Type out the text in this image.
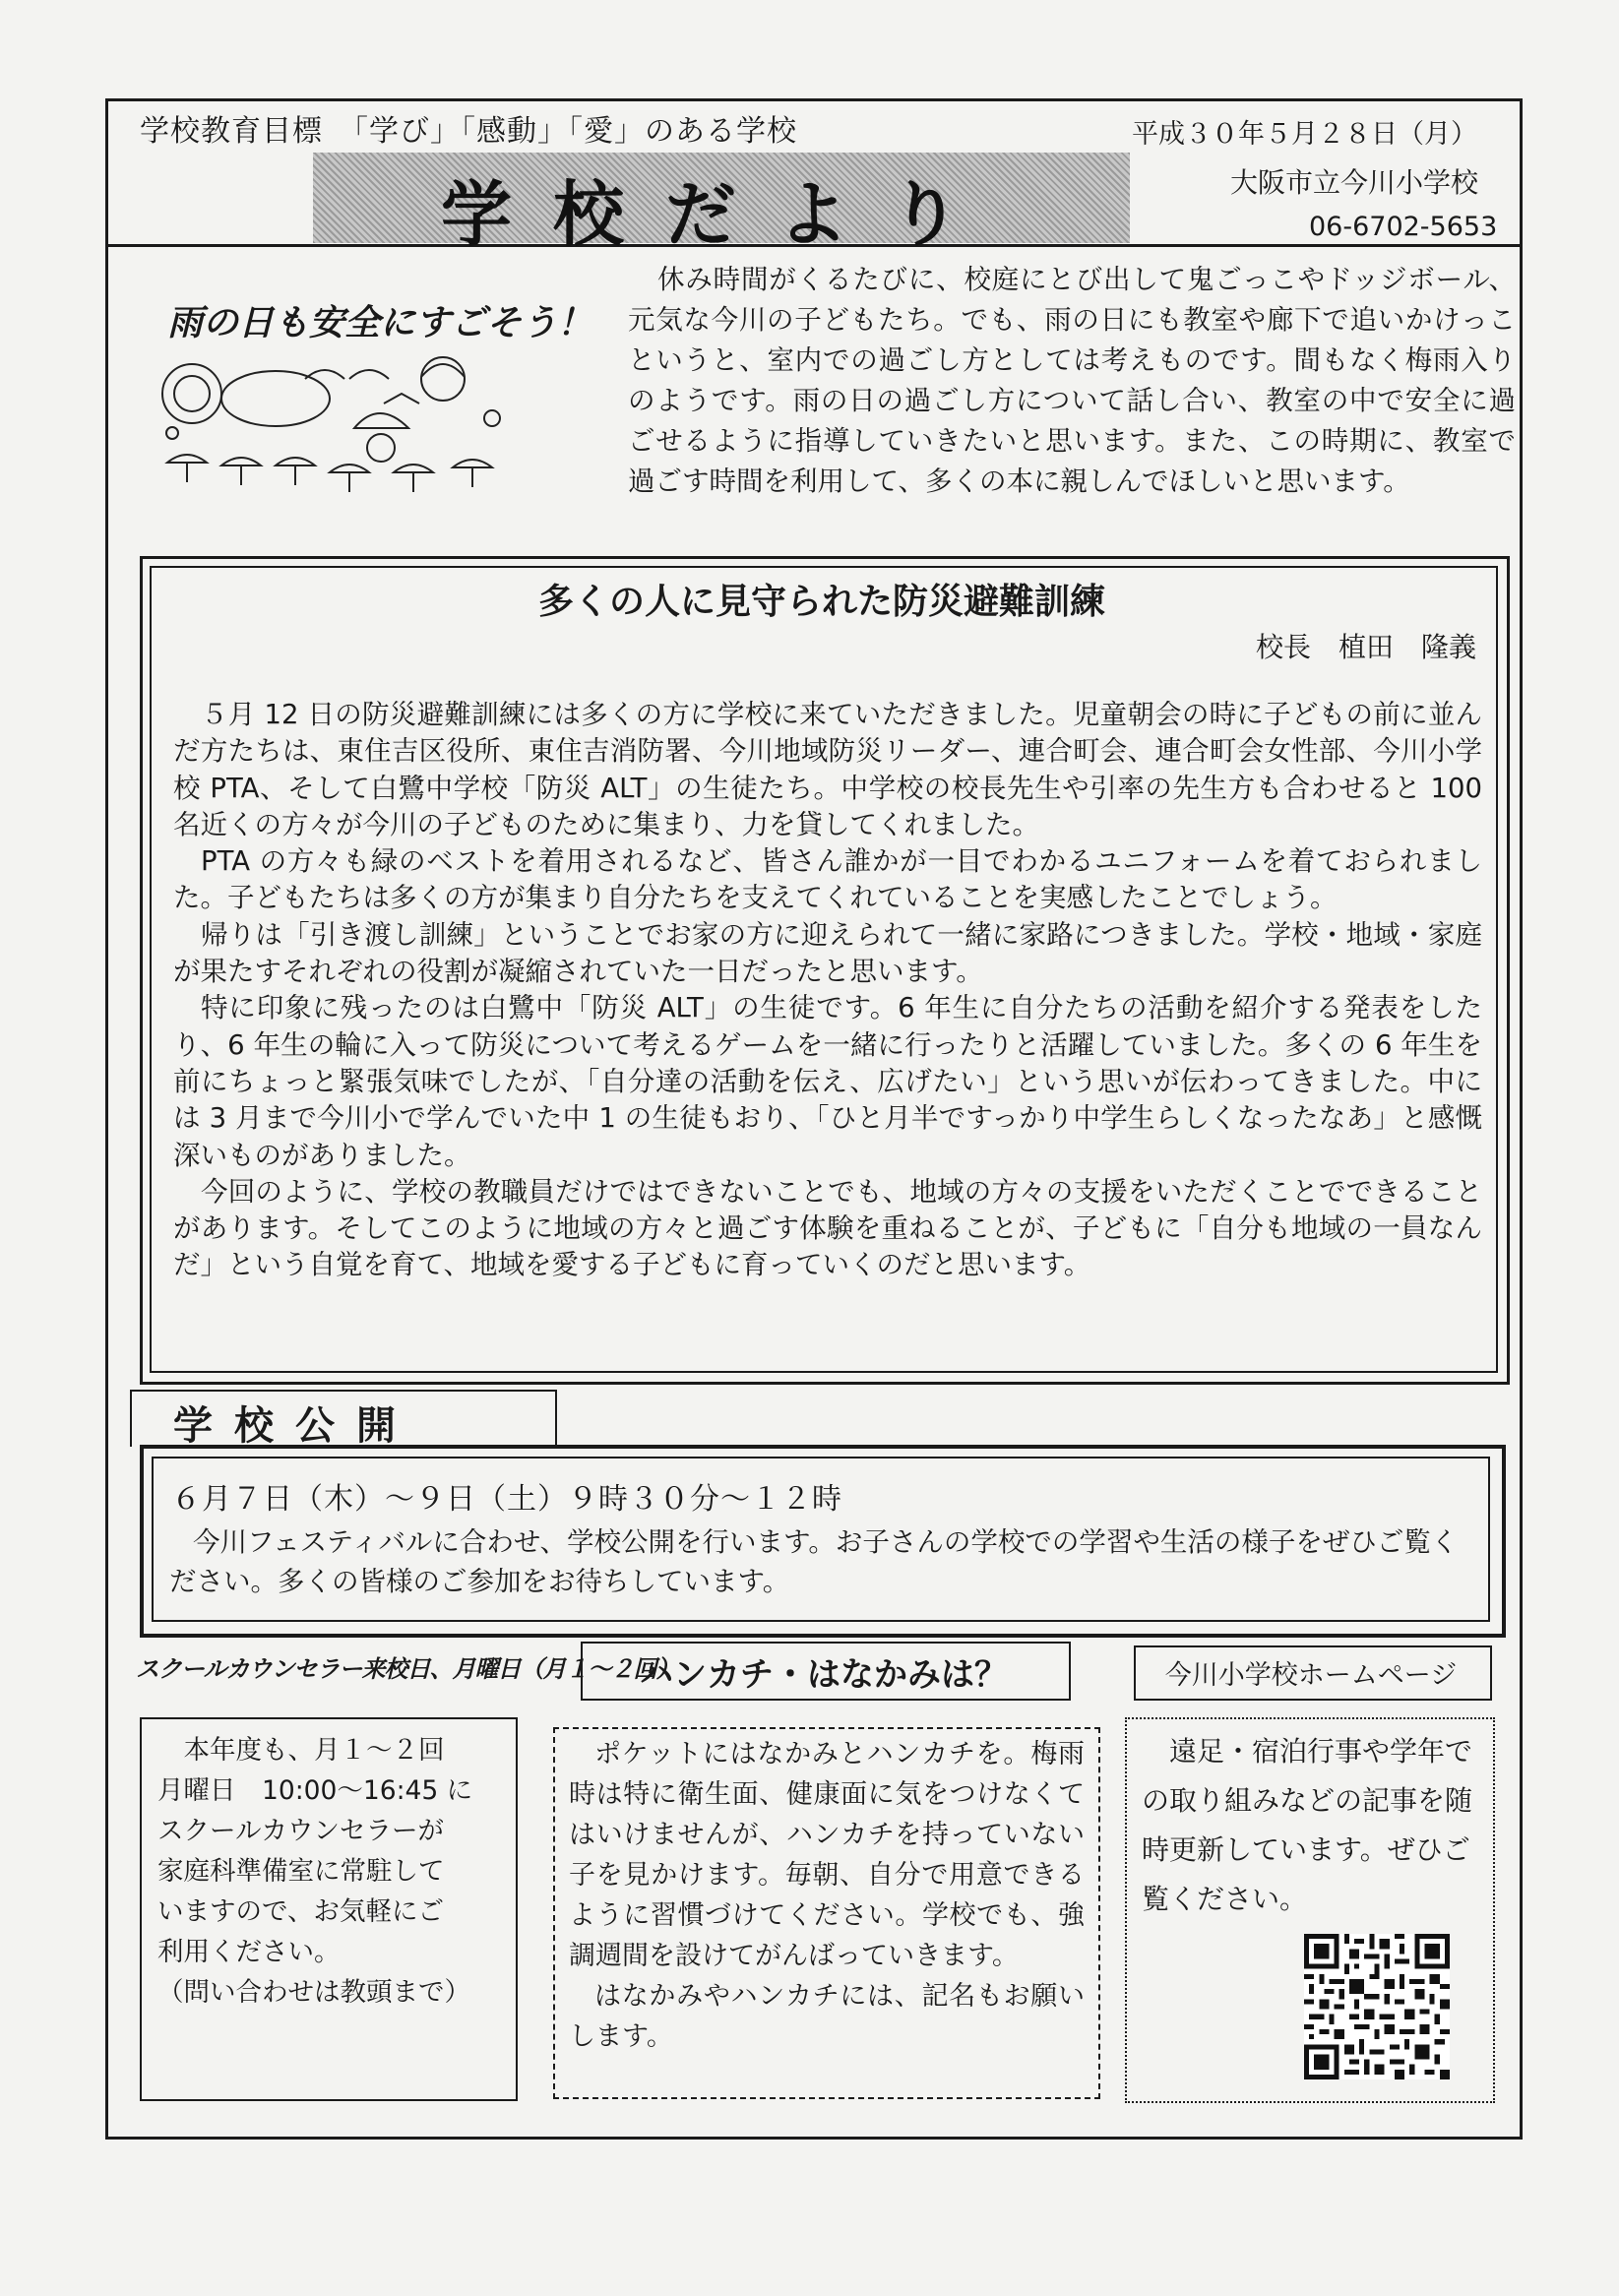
学校教育目標　「学び」「感動」「愛」のある学校
学校だより
平成３０年５月２８日（月）
大阪市立今川小学校
06-6702-5653
雨の日も安全にすごそう！

休み時間がくるたびに、校庭にとび出して鬼ごっこやドッジボール、元気な今川の子どもたち。でも、雨の日にも教室や廊下で追いかけっこというと、室内での過ごし方としては考えものです。間もなく梅雨入りのようです。雨の日の過ごし方について話し合い、教室の中で安全に過ごせるように指導していきたいと思います。また、この時期に、教室で過ごす時間を利用して、多くの本に親しんでほしいと思います。

多くの人に見守られた防災避難訓練
校長　植田　隆義

５月 12 日の防災避難訓練には多くの方に学校に来ていただきました。児童朝会の時に子どもの前に並んだ方たちは、東住吉区役所、東住吉消防署、今川地域防災リーダー、連合町会、連合町会女性部、今川小学校 PTA、そして白鷺中学校「防災 ALT」の生徒たち。中学校の校長先生や引率の先生方も合わせると 100 名近くの方々が今川の子どものために集まり、力を貸してくれました。

PTA の方々も緑のベストを着用されるなど、皆さん誰かが一目でわかるユニフォームを着ておられました。子どもたちは多くの方が集まり自分たちを支えてくれていることを実感したことでしょう。

帰りは「引き渡し訓練」ということでお家の方に迎えられて一緒に家路につきました。学校・地域・家庭が果たすそれぞれの役割が凝縮されていた一日だったと思います。

特に印象に残ったのは白鷺中「防災 ALT」の生徒です。6 年生に自分たちの活動を紹介する発表をしたり、6 年生の輪に入って防災について考えるゲームを一緒に行ったりと活躍していました。多くの 6 年生を前にちょっと緊張気味でしたが、「自分達の活動を伝え、広げたい」という思いが伝わってきました。中には 3 月まで今川小で学んでいた中 1 の生徒もおり、「ひと月半ですっかり中学生らしくなったなあ」と感慨深いものがありました。

今回のように、学校の教職員だけではできないことでも、地域の方々の支援をいただくことでできることがあります。そしてこのように地域の方々と過ごす体験を重ねることが、子どもに「自分も地域の一員なんだ」という自覚を育て、地域を愛する子どもに育っていくのだと思います。

学校公開
６月７日（木）～９日（土）９時３０分～１２時

今川フェスティバルに合わせ、学校公開を行います。お子さんの学校での学習や生活の様子をぜひご覧ください。多くの皆様のご参加をお待ちしています。

スクールカウンセラー来校日、月曜日（月１～２回）

　本年度も、月１～２回

月曜日　10:00～16:45 に

スクールカウンセラーが

家庭科準備室に常駐して

いますので、お気軽にご

利用ください。

（問い合わせは教頭まで）

ハンカチ・はなかみは？

ポケットにはなかみとハンカチを。梅雨時は特に衛生面、健康面に気をつけなくてはいけませんが、ハンカチを持っていない子を見かけます。毎朝、自分で用意できるように習慣づけてください。学校でも、強調週間を設けてがんばっていきます。

はなかみやハンカチには、記名もお願いします。

今川小学校ホームページ

遠足・宿泊行事や学年での取り組みなどの記事を随時更新しています。ぜひご覧ください。
